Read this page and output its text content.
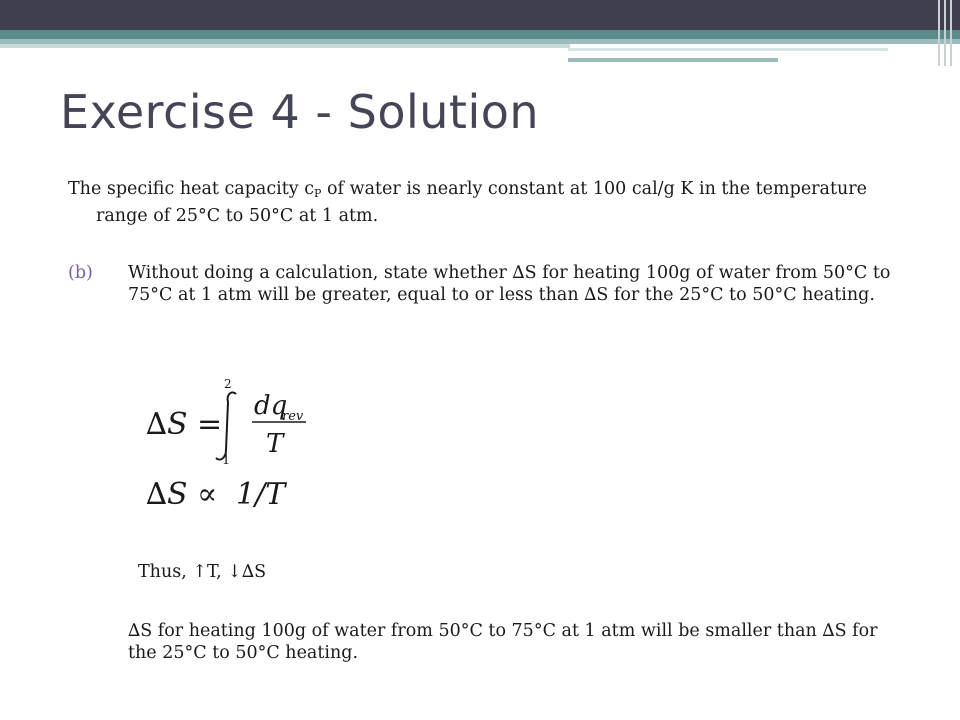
Exercise 4 - Solution

The specific heat capacity $c_P$ of water is nearly constant at 100 cal/g K in the temperature range of 25°C to 50°C at 1 atm.

(b) Without doing a calculation, state whether ∆S for heating 100g of water from 50°C to 75°C at 1 atm will be greater, equal to or less than ∆S for the 25°C to 50°C heating.

∆S =
2
1
dq
rev
T
∆S ∝ 1/T
Thus, ↑T, ↓∆S

∆S for heating 100g of water from 50°C to 75°C at 1 atm will be smaller than ∆S for the 25°C to 50°C heating.
